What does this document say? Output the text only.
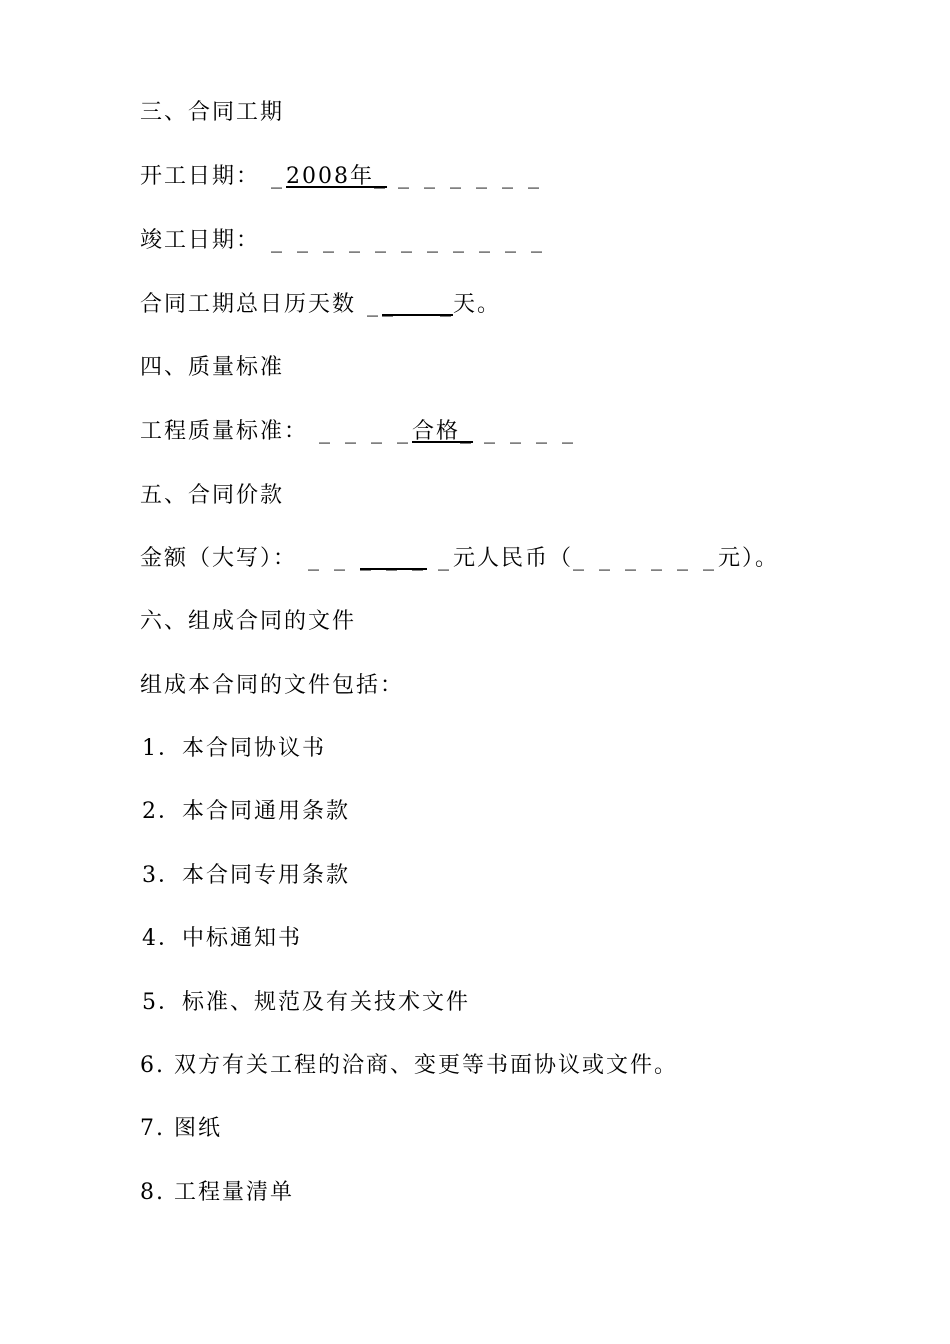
三、合同工期
开工日期： _2008年_ _ _ _ _ _ _
竣工日期： _ _ _ _ _ _ _ _ _ _ _
合同工期总日历天数 __     _天。
四、质量标准
工程质量标准： _ _ _ _合格_ _ _ _ _
五、合同价款
金额（大写）： _ _ _ _ _ _元人民币（_ _ _ _ _ _元）。
六、组成合同的文件
组成本合同的文件包括：
1．本合同协议书
2．本合同通用条款
3．本合同专用条款
4．中标通知书
5．标准、规范及有关技术文件
6. 双方有关工程的洽商、变更等书面协议或文件。
7. 图纸
8. 工程量清单
